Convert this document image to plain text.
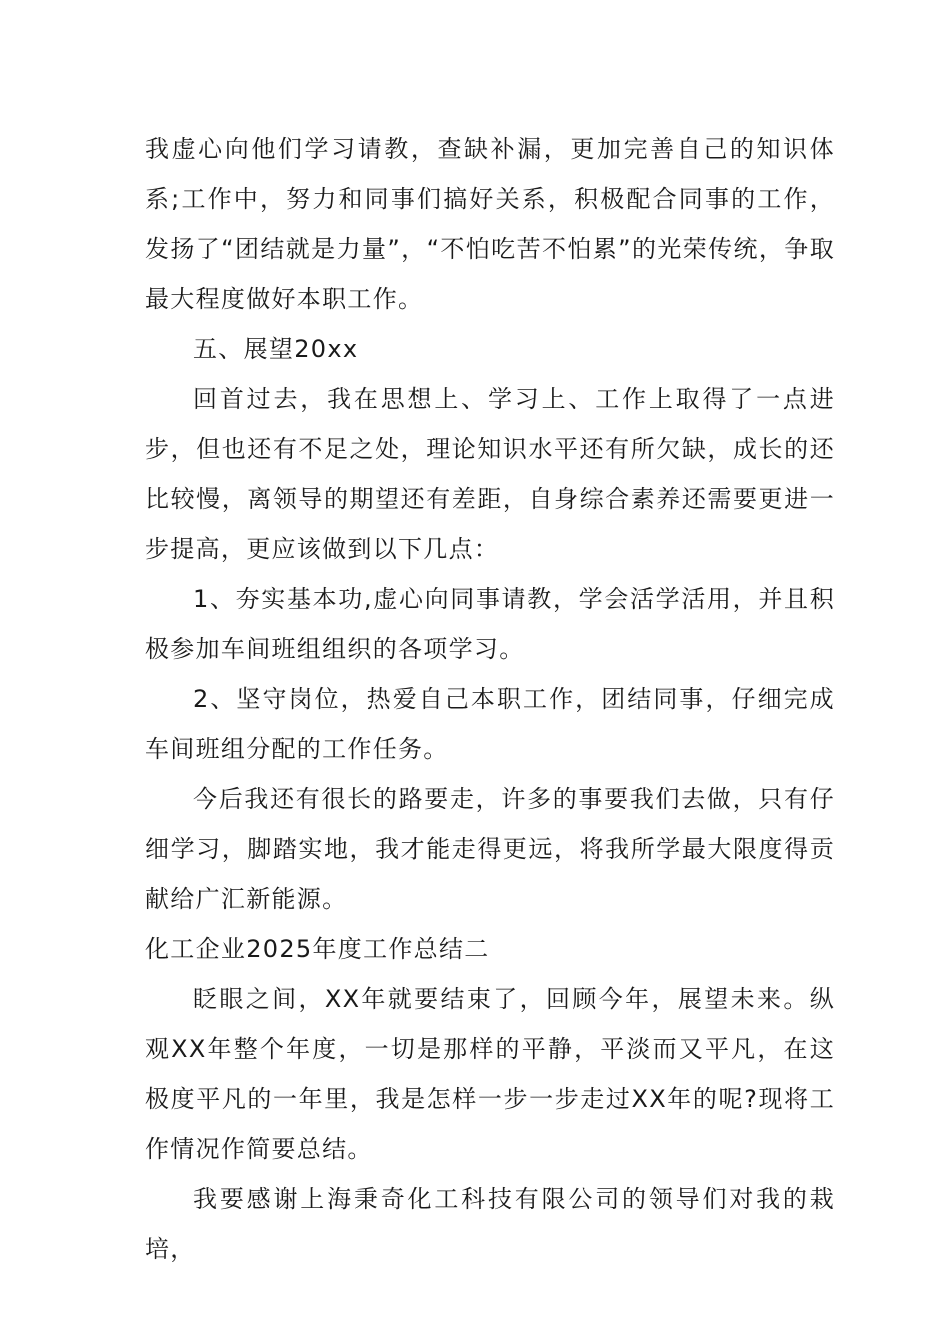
我虚心向他们学习请教，查缺补漏，更加完善自己的知识体系;工作中，努力和同事们搞好关系，积极配合同事的工作，发扬了“团结就是力量”，“不怕吃苦不怕累”的光荣传统，争取最大程度做好本职工作。

五、展望20xx

回首过去，我在思想上、学习上、工作上取得了一点进步，但也还有不足之处，理论知识水平还有所欠缺，成长的还比较慢，离领导的期望还有差距，自身综合素养还需要更进一步提高，更应该做到以下几点：

1、夯实基本功,虚心向同事请教，学会活学活用，并且积极参加车间班组组织的各项学习。

2、坚守岗位，热爱自己本职工作，团结同事，仔细完成车间班组分配的工作任务。

今后我还有很长的路要走，许多的事要我们去做，只有仔细学习，脚踏实地，我才能走得更远，将我所学最大限度得贡献给广汇新能源。

化工企业2025年度工作总结二

眨眼之间，XX年就要结束了，回顾今年，展望未来。纵观XX年整个年度，一切是那样的平静，平淡而又平凡，在这极度平凡的一年里，我是怎样一步一步走过XX年的呢?现将工作情况作简要总结。

我要感谢上海秉奇化工科技有限公司的领导们对我的栽培，
